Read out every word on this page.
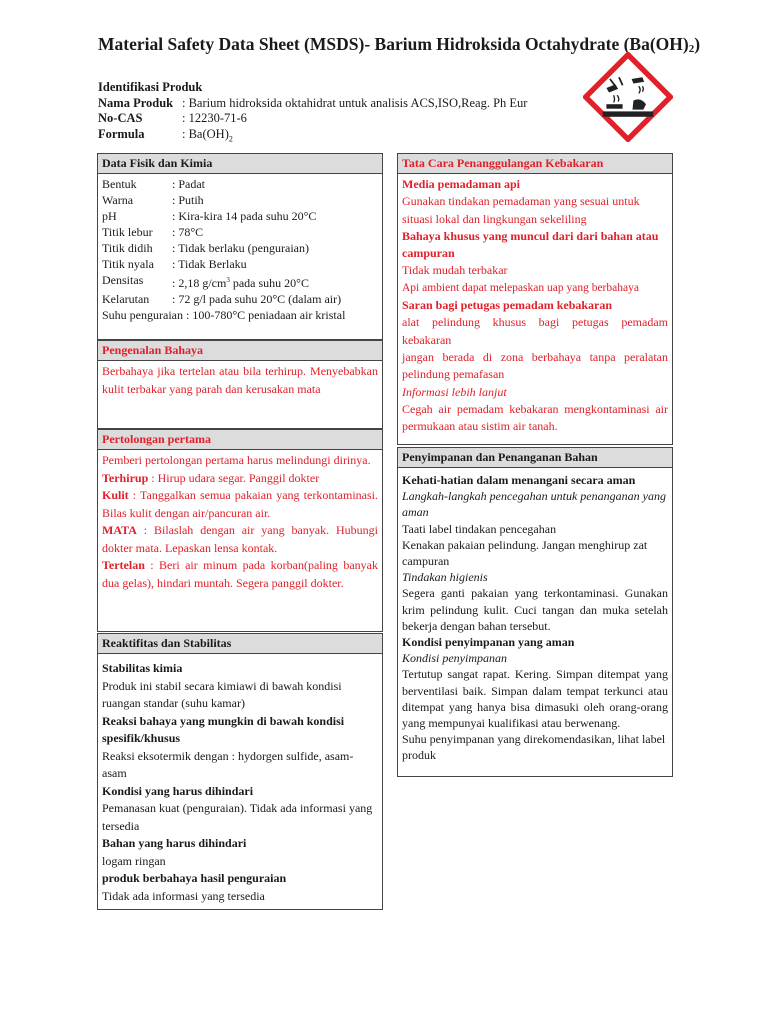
Material Safety Data Sheet (MSDS)- Barium Hidroksida Octahydrate $(Ba(OH)_2)$
Identifikasi Produk
Nama Produk : Barium hidroksida oktahidrat untuk analisis ACS,ISO,Reag. Ph Eur
No-CAS	: 12230-71-6
Formula	: $Ba(OH)_2$
Data Fisik dan Kimia
Bentuk	: Padat
Warna	: Putih
pH	: Kira-kira 14 pada suhu 20°C
Titik lebur	: 78°C
Titik didih	: Tidak berlaku (penguraian)
Titik nyala	: Tidak Berlaku
Densitas	: 2,18 $g/cm^3$ pada suhu 20°C
Kelarutan	: 72 g/l pada suhu 20°C (dalam air)
Suhu penguraian : 100-780°C peniadaan air kristal
Pengenalan Bahaya
Berbahaya jika tertelan atau bila terhirup. Menyebabkan kulit terbakar yang parah dan kerusakan mata
Pertolongan pertama
Pemberi pertolongan pertama harus melindungi dirinya.
Terhirup : Hirup udara segar. Panggil dokter
Kulit : Tanggalkan semua pakaian yang terkontaminasi. Bilas kulit dengan air/pancuran air.
MATA : Bilaslah dengan air yang banyak. Hubungi dokter mata. Lepaskan lensa kontak.
Tertelan : Beri air minum pada korban(paling banyak dua gelas), hindari muntah. Segera panggil dokter.
Reaktifitas dan Stabilitas
Stabilitas kimia
Produk ini stabil secara kimiawi di bawah kondisi ruangan standar (suhu kamar)
Reaksi bahaya yang mungkin di bawah kondisi spesifik/khusus
Reaksi eksotermik dengan : hydorgen sulfide, asam-asam
Kondisi yang harus dihindari
Pemanasan kuat (penguraian). Tidak ada informasi yang tersedia
Bahan yang harus dihindari
logam ringan
produk berbahaya hasil penguraian
Tidak ada informasi yang tersedia
Tata Cara Penanggulangan Kebakaran
Media pemadaman api
Gunakan tindakan pemadaman yang sesuai untuk situasi lokal dan lingkungan sekeliling
Bahaya khusus yang muncul dari dari bahan atau campuran
Tidak mudah terbakar
Api ambient dapat melepaskan uap yang berbahaya
Saran bagi petugas pemadam kebakaran
alat pelindung khusus bagi petugas pemadam kebakaran
jangan berada di zona berbahaya tanpa peralatan pelindung pemafasan
Informasi lebih lanjut
Cegah air pemadam kebakaran mengkontaminasi air permukaan atau sistim air tanah.
Penyimpanan dan Penanganan Bahan
Kehati-hatian dalam menangani secara aman
Langkah-langkah pencegahan untuk penanganan yang aman
Taati label tindakan pencegahan
Kenakan pakaian pelindung. Jangan menghirup zat campuran
Tindakan higienis
Segera ganti pakaian yang terkontaminasi. Gunakan krim pelindung kulit. Cuci tangan dan muka setelah bekerja dengan bahan tersebut.
Kondisi penyimpanan yang aman
Kondisi penyimpanan
Tertutup sangat rapat. Kering. Simpan ditempat yang berventilasi baik. Simpan dalam tempat terkunci atau ditempat yang hanya bisa dimasuki oleh orang-orang yang mempunyai kualifikasi atau berwenang.
Suhu penyimpanan yang direkomendasikan, lihat label produk
